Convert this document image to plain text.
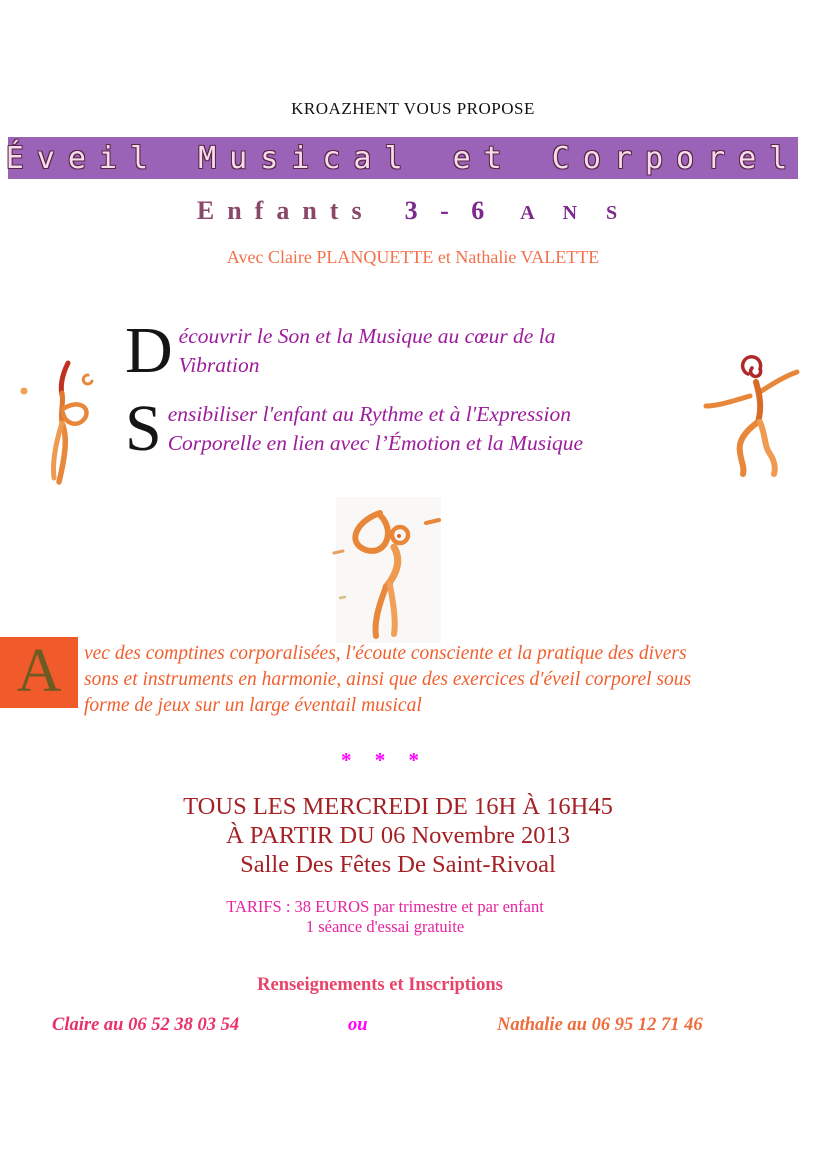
KROAZHENT VOUS PROPOSE
Éveil Musical et Corporel
Enfants 3 - 6 A N S
Avec Claire PLANQUETTE et Nathalie VALETTE
D écouvrir le Son et la Musique au cœur de la
Vibration
S ensibiliser l'enfant au Rythme et à l'Expression
Corporelle en lien avec l’Émotion et la Musique
A	vec des comptines corporalisées, l'écoute consciente et la pratique des divers
sons et instruments en harmonie, ainsi que des exercices d'éveil corporel sous
forme de jeux sur un large éventail musical
* * *
TOUS LES MERCREDI DE 16H À 16H45
À PARTIR DU 06 Novembre 2013
Salle Des Fêtes De Saint-Rivoal
TARIFS : 38 EUROS par trimestre et par enfant
1 séance d'essai gratuite
Renseignements et Inscriptions
Claire au 06 52 38 03 54	ou	Nathalie au 06 95 12 71 46
